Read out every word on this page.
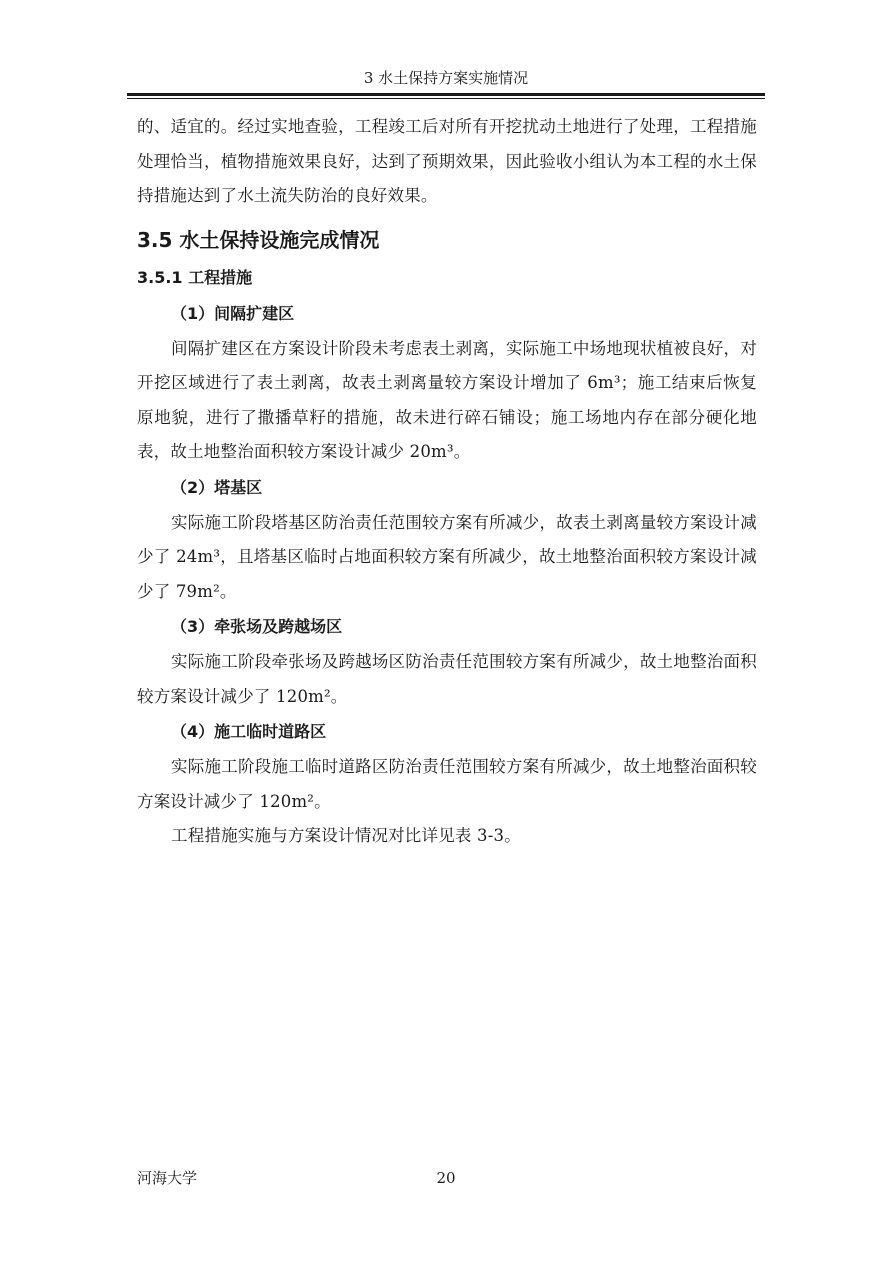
3 水土保持方案实施情况

的、适宜的。经过实地查验，工程竣工后对所有开挖扰动土地进行了处理，工程措施处理恰当，植物措施效果良好，达到了预期效果，因此验收小组认为本工程的水土保持措施达到了水土流失防治的良好效果。

3.5 水土保持设施完成情况
3.5.1 工程措施
（1）间隔扩建区

间隔扩建区在方案设计阶段未考虑表土剥离，实际施工中场地现状植被良好，对开挖区域进行了表土剥离，故表土剥离量较方案设计增加了 6m³；施工结束后恢复原地貌，进行了撒播草籽的措施，故未进行碎石铺设；施工场地内存在部分硬化地表，故土地整治面积较方案设计减少 20m³。

（2）塔基区

实际施工阶段塔基区防治责任范围较方案有所减少，故表土剥离量较方案设计减少了 24m³，且塔基区临时占地面积较方案有所减少，故土地整治面积较方案设计减少了 79m²。

（3）牵张场及跨越场区

实际施工阶段牵张场及跨越场区防治责任范围较方案有所减少，故土地整治面积较方案设计减少了 120m²。

（4）施工临时道路区

实际施工阶段施工临时道路区防治责任范围较方案有所减少，故土地整治面积较方案设计减少了 120m²。

工程措施实施与方案设计情况对比详见表 3-3。

河海大学	20
